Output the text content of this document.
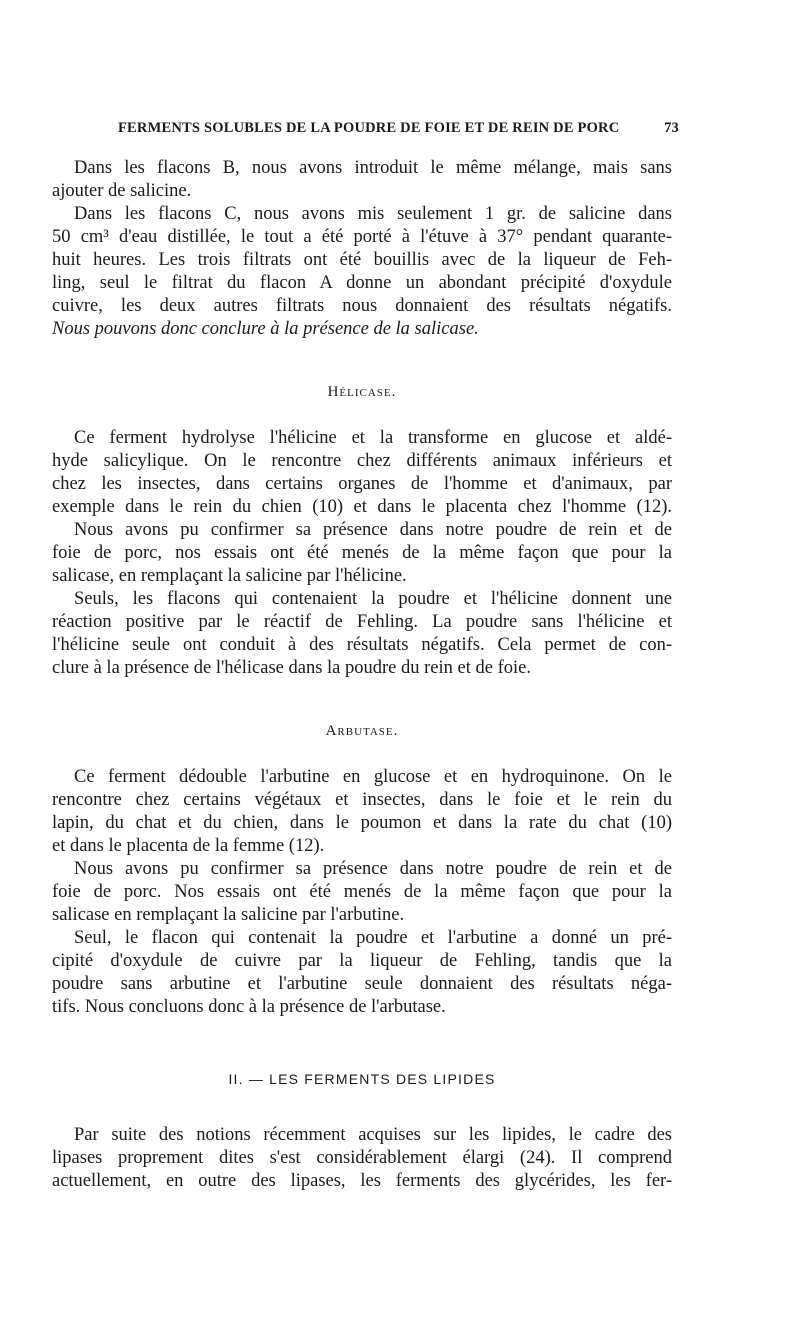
FERMENTS SOLUBLES DE LA POUDRE DE FOIE ET DE REIN DE PORC	73
Dans les flacons B, nous avons introduit le même mélange, mais sans
ajouter de salicine.
Dans les flacons C, nous avons mis seulement 1 gr. de salicine dans
50 cm³ d'eau distillée, le tout a été porté à l'étuve à 37° pendant quarante-
huit heures. Les trois filtrats ont été bouillis avec de la liqueur de Feh-
ling, seul le filtrat du flacon A donne un abondant précipité d'oxydule
cuivre, les deux autres filtrats nous donnaient des résultats négatifs.
Nous pouvons donc conclure à la présence de la salicase.
Hélicase.
Ce ferment hydrolyse l'hélicine et la transforme en glucose et aldé-
hyde salicylique. On le rencontre chez différents animaux inférieurs et
chez les insectes, dans certains organes de l'homme et d'animaux, par
exemple dans le rein du chien (10) et dans le placenta chez l'homme (12).
Nous avons pu confirmer sa présence dans notre poudre de rein et de
foie de porc, nos essais ont été menés de la même façon que pour la
salicase, en remplaçant la salicine par l'hélicine.
Seuls, les flacons qui contenaient la poudre et l'hélicine donnent une
réaction positive par le réactif de Fehling. La poudre sans l'hélicine et
l'hélicine seule ont conduit à des résultats négatifs. Cela permet de con-
clure à la présence de l'hélicase dans la poudre du rein et de foie.
Arbutase.
Ce ferment dédouble l'arbutine en glucose et en hydroquinone. On le
rencontre chez certains végétaux et insectes, dans le foie et le rein du
lapin, du chat et du chien, dans le poumon et dans la rate du chat (10)
et dans le placenta de la femme (12).
Nous avons pu confirmer sa présence dans notre poudre de rein et de
foie de porc. Nos essais ont été menés de la même façon que pour la
salicase en remplaçant la salicine par l'arbutine.
Seul, le flacon qui contenait la poudre et l'arbutine a donné un pré-
cipité d'oxydule de cuivre par la liqueur de Fehling, tandis que la
poudre sans arbutine et l'arbutine seule donnaient des résultats néga-
tifs. Nous concluons donc à la présence de l'arbutase.
II. — LES FERMENTS DES LIPIDES
Par suite des notions récemment acquises sur les lipides, le cadre des
lipases proprement dites s'est considérablement élargi (24). Il comprend
actuellement, en outre des lipases, les ferments des glycérides, les fer-
